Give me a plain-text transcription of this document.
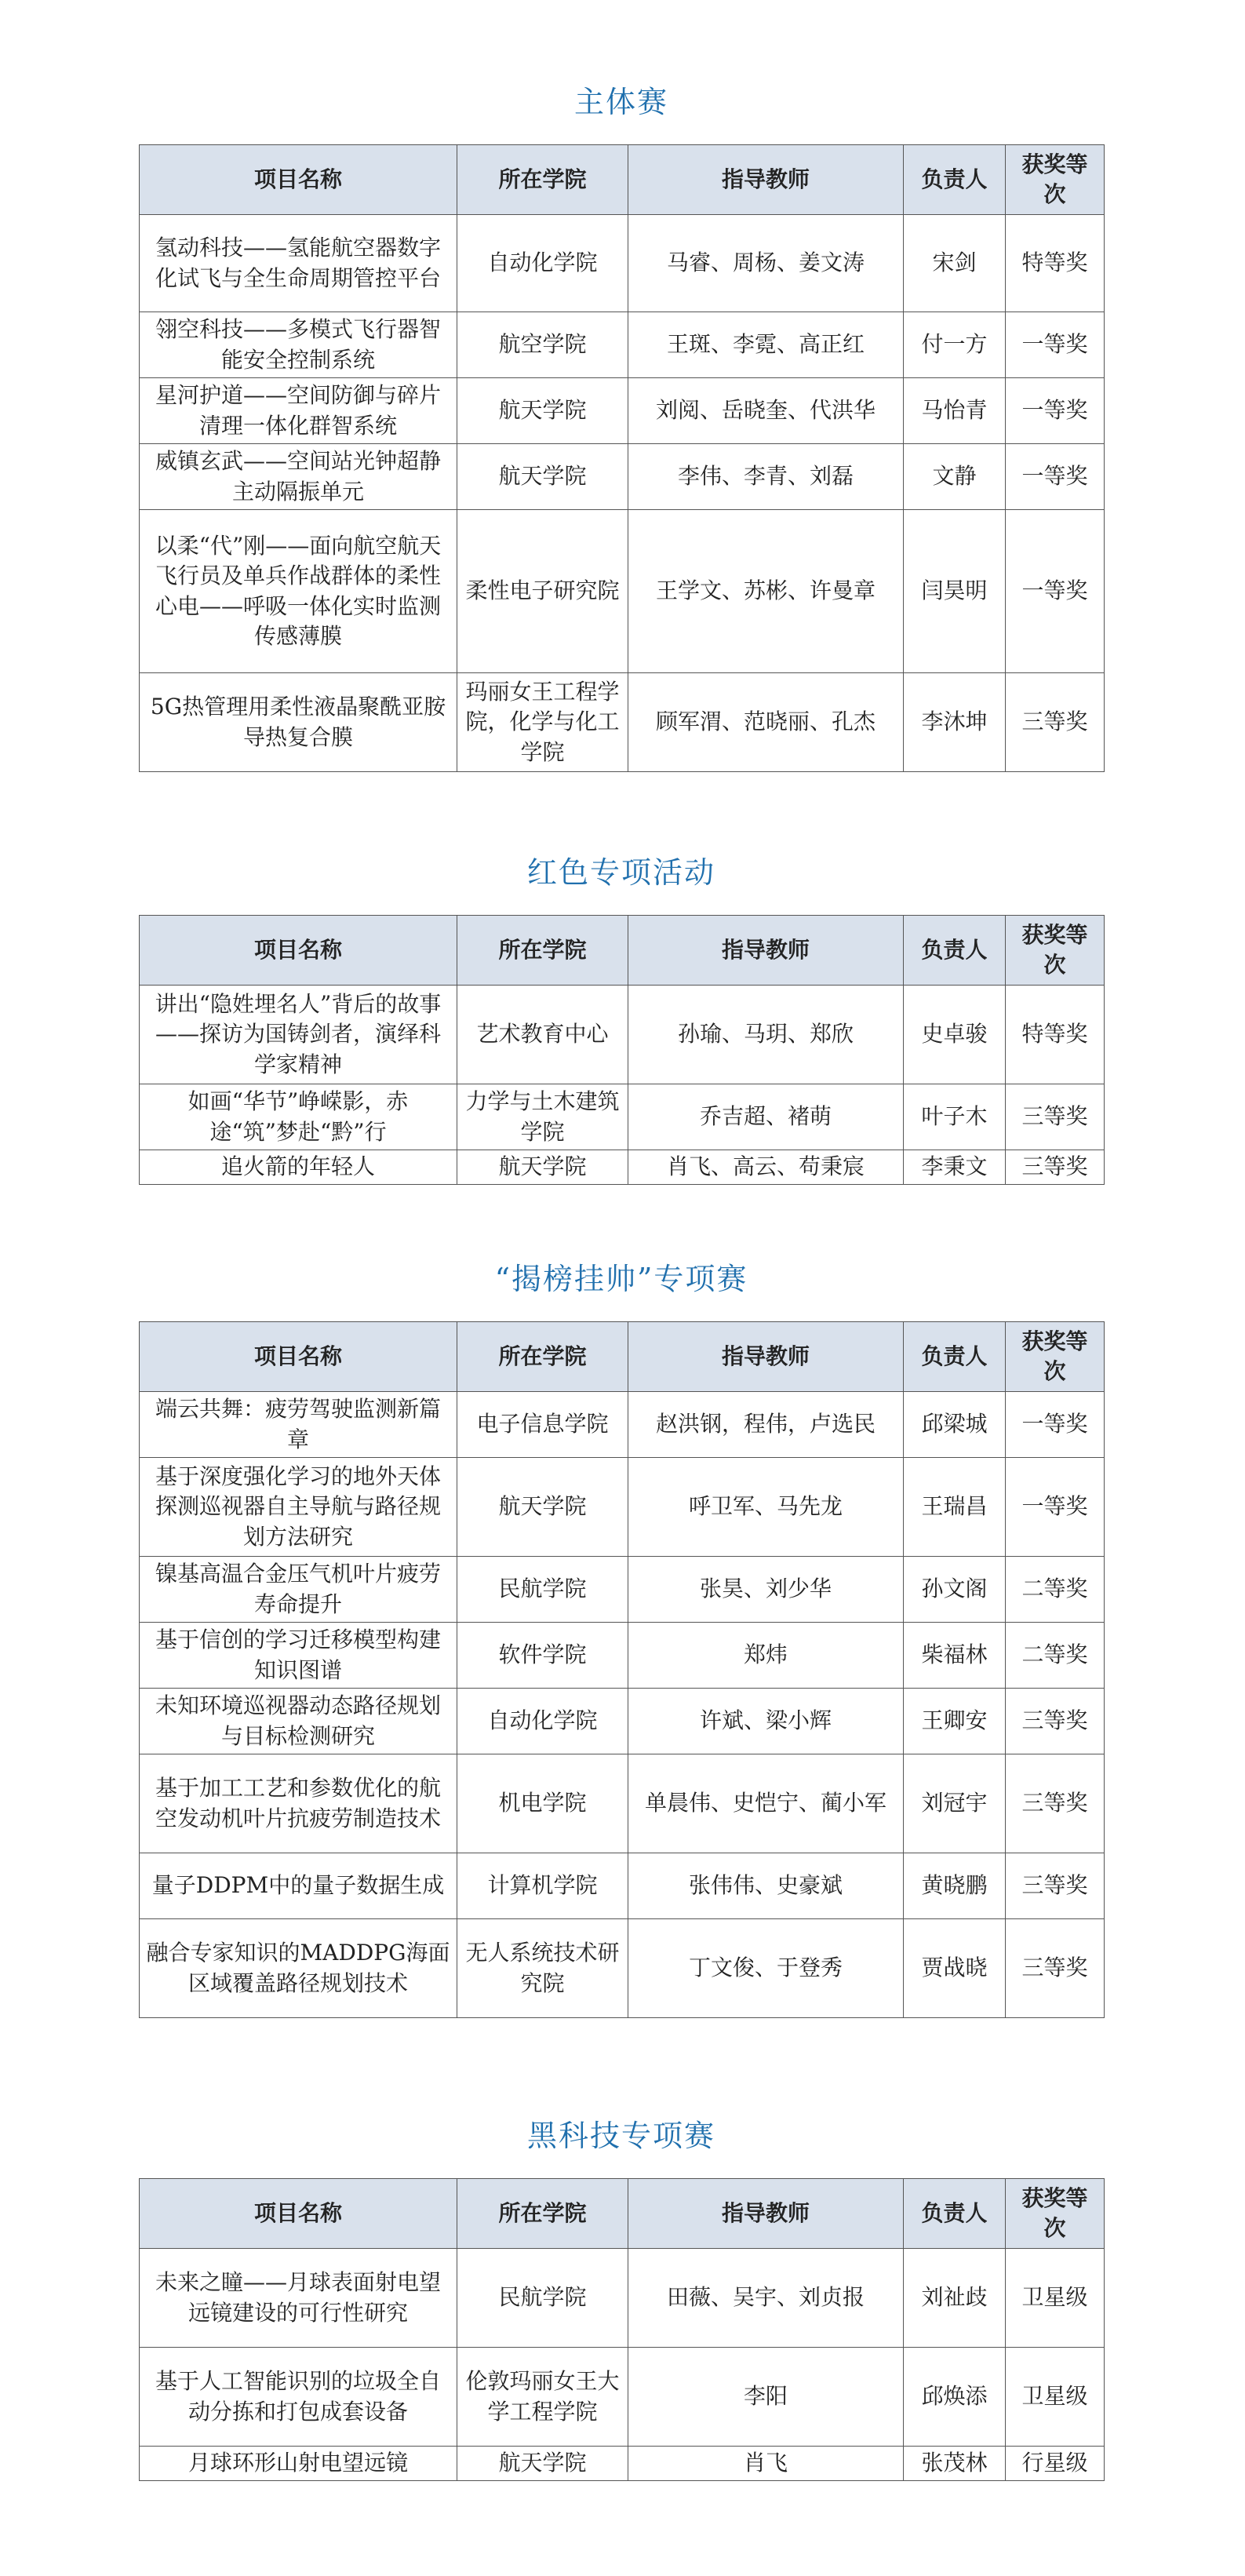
主体赛
项目名称	所在学院	指导教师	负责人	获奖等次
氢动科技——氢能航空器数字化试飞与全生命周期管控平台	自动化学院	马睿、周杨、姜文涛	宋剑	特等奖
翎空科技——多模式飞行器智能安全控制系统	航空学院	王斑、李霓、高正红	付一方	一等奖
星河护道——空间防御与碎片清理一体化群智系统	航天学院	刘阅、岳晓奎、代洪华	马怡青	一等奖
威镇玄武——空间站光钟超静主动隔振单元	航天学院	李伟、李青、刘磊	文静	一等奖
以柔“代”刚——面向航空航天飞行员及单兵作战群体的柔性心电——呼吸一体化实时监测传感薄膜	柔性电子研究院	王学文、苏彬、许曼章	闫昊明	一等奖
5G热管理用柔性液晶聚酰亚胺导热复合膜	玛丽女王工程学院，化学与化工学院	顾军渭、范晓丽、孔杰	李沐坤	三等奖
红色专项活动
项目名称	所在学院	指导教师	负责人	获奖等次
讲出“隐姓埋名人”背后的故事——探访为国铸剑者，演绎科学家精神	艺术教育中心	孙瑜、马玥、郑欣	史卓骏	特等奖
如画“华节”峥嵘影，赤途“筑”梦赴“黔”行	力学与土木建筑学院	乔吉超、褚萌	叶子木	三等奖
追火箭的年轻人	航天学院	肖飞、高云、苟秉宸	李秉文	三等奖
“揭榜挂帅”专项赛
项目名称	所在学院	指导教师	负责人	获奖等次
端云共舞：疲劳驾驶监测新篇章	电子信息学院	赵洪钢，程伟，卢选民	邱梁城	一等奖
基于深度强化学习的地外天体探测巡视器自主导航与路径规划方法研究	航天学院	呼卫军、马先龙	王瑞昌	一等奖
镍基高温合金压气机叶片疲劳寿命提升	民航学院	张昊、刘少华	孙文阁	二等奖
基于信创的学习迁移模型构建知识图谱	软件学院	郑炜	柴福林	二等奖
未知环境巡视器动态路径规划与目标检测研究	自动化学院	许斌、梁小辉	王卿安	三等奖
基于加工工艺和参数优化的航空发动机叶片抗疲劳制造技术	机电学院	单晨伟、史恺宁、蔺小军	刘冠宇	三等奖
量子DDPM中的量子数据生成	计算机学院	张伟伟、史豪斌	黄晓鹏	三等奖
融合专家知识的MADDPG海面区域覆盖路径规划技术	无人系统技术研究院	丁文俊、于登秀	贾战晓	三等奖
黑科技专项赛
项目名称	所在学院	指导教师	负责人	获奖等次
未来之瞳——月球表面射电望远镜建设的可行性研究	民航学院	田薇、吴宇、刘贞报	刘祉歧	卫星级
基于人工智能识别的垃圾全自动分拣和打包成套设备	伦敦玛丽女王大学工程学院	李阳	邱焕添	卫星级
月球环形山射电望远镜	航天学院	肖飞	张茂林	行星级
